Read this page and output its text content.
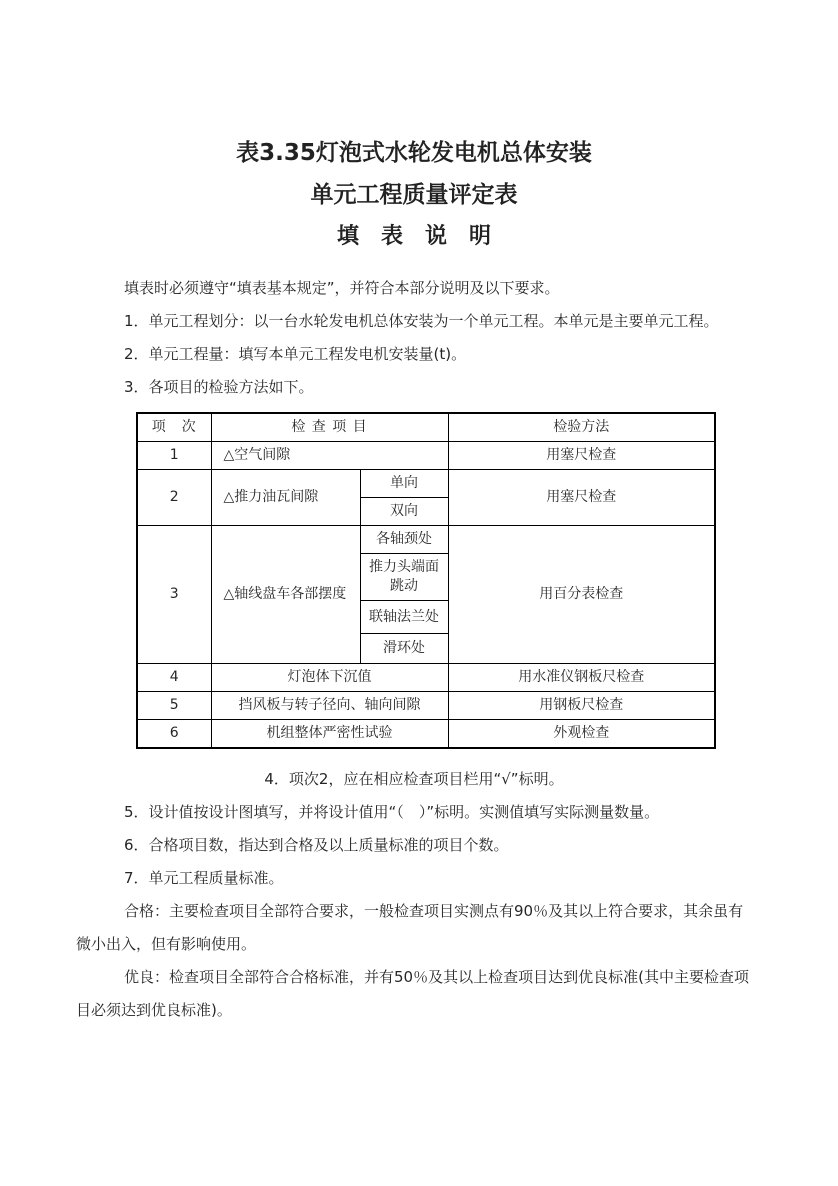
表3.35灯泡式水轮发电机总体安装
单元工程质量评定表
填　表　说　明

填表时必须遵守“填表基本规定”，并符合本部分说明及以下要求。

1．单元工程划分：以一台水轮发电机总体安装为一个单元工程。本单元是主要单元工程。

2．单元工程量：填写本单元工程发电机安装量(t)。

3．各项目的检验方法如下。

项　次	检 查 项 目		检验方法
1	△空气间隙		用塞尺检查
2	△推力油瓦间隙	单向	用塞尺检查
		双向	
3	△轴线盘车各部摆度	各轴颈处	用百分表检查
		推力头端面跳动	
		联轴法兰处	
		滑环处	
4	灯泡体下沉值		用水准仪钢板尺检查
5	挡风板与转子径向、轴向间隙		用钢板尺检查
6	机组整体严密性试验		外观检查

4．项次2，应在相应检查项目栏用“√”标明。

5．设计值按设计图填写，并将设计值用“（　）”标明。实测值填写实际测量数量。

6．合格项目数，指达到合格及以上质量标准的项目个数。

7．单元工程质量标准。

合格：主要检查项目全部符合要求，一般检查项目实测点有90％及其以上符合要求，其余虽有微小出入，但有影响使用。

优良：检查项目全部符合合格标准，并有50％及其以上检查项目达到优良标准(其中主要检查项目必须达到优良标准)。
